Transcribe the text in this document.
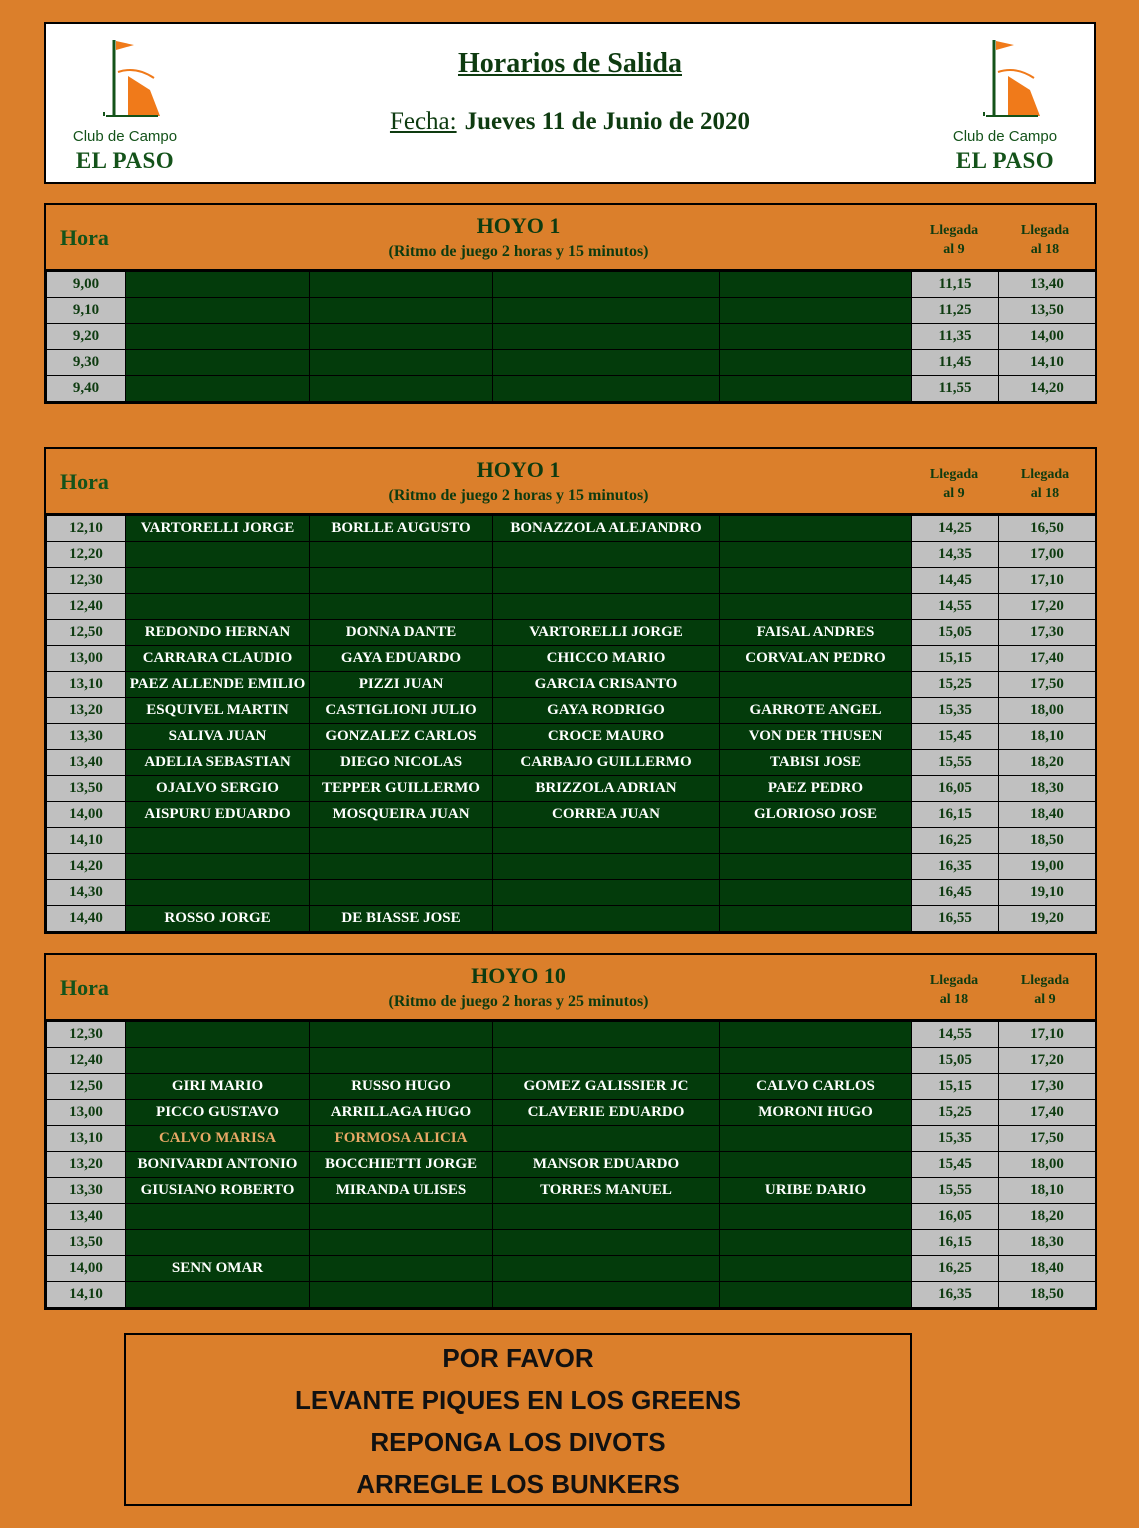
Club de Campo
EL PASO
Horarios de Salida
Fecha: Jueves 11 de Junio de 2020
Club de Campo
EL PASO
Hora	HOYO 1
(Ritmo de juego 2 horas y 15 minutos)
Llegada
al 9
Llegada
al 18
9,00					11,15	13,40
9,10					11,25	13,50
9,20					11,35	14,00
9,30					11,45	14,10
9,40					11,55	14,20
Hora	HOYO 1
(Ritmo de juego 2 horas y 15 minutos)
Llegada
al 9
Llegada
al 18
12,10	VARTORELLI JORGE	BORLLE AUGUSTO	BONAZZOLA ALEJANDRO		14,25	16,50
12,20					14,35	17,00
12,30					14,45	17,10
12,40					14,55	17,20
12,50	REDONDO HERNAN	DONNA DANTE	VARTORELLI JORGE	FAISAL ANDRES	15,05	17,30
13,00	CARRARA CLAUDIO	GAYA EDUARDO	CHICCO MARIO	CORVALAN PEDRO	15,15	17,40
13,10	PAEZ ALLENDE EMILIO	PIZZI JUAN	GARCIA CRISANTO		15,25	17,50
13,20	ESQUIVEL MARTIN	CASTIGLIONI JULIO	GAYA RODRIGO	GARROTE ANGEL	15,35	18,00
13,30	SALIVA JUAN	GONZALEZ CARLOS	CROCE MAURO	VON DER THUSEN	15,45	18,10
13,40	ADELIA SEBASTIAN	DIEGO NICOLAS	CARBAJO GUILLERMO	TABISI JOSE	15,55	18,20
13,50	OJALVO SERGIO	TEPPER GUILLERMO	BRIZZOLA ADRIAN	PAEZ PEDRO	16,05	18,30
14,00	AISPURU EDUARDO	MOSQUEIRA JUAN	CORREA JUAN	GLORIOSO JOSE	16,15	18,40
14,10					16,25	18,50
14,20					16,35	19,00
14,30					16,45	19,10
14,40	ROSSO JORGE	DE BIASSE JOSE			16,55	19,20
Hora	HOYO 10
(Ritmo de juego 2 horas y 25 minutos)
Llegada
al 18
Llegada
al 9
12,30					14,55	17,10
12,40					15,05	17,20
12,50	GIRI MARIO	RUSSO HUGO	GOMEZ GALISSIER JC	CALVO CARLOS	15,15	17,30
13,00	PICCO GUSTAVO	ARRILLAGA HUGO	CLAVERIE EDUARDO	MORONI HUGO	15,25	17,40
13,10	CALVO MARISA	FORMOSA ALICIA			15,35	17,50
13,20	BONIVARDI ANTONIO	BOCCHIETTI JORGE	MANSOR EDUARDO		15,45	18,00
13,30	GIUSIANO ROBERTO	MIRANDA ULISES	TORRES MANUEL	URIBE DARIO	15,55	18,10
13,40					16,05	18,20
13,50					16,15	18,30
14,00	SENN OMAR				16,25	18,40
14,10					16,35	18,50
POR FAVOR
LEVANTE PIQUES EN LOS GREENS
REPONGA LOS DIVOTS
ARREGLE LOS BUNKERS
